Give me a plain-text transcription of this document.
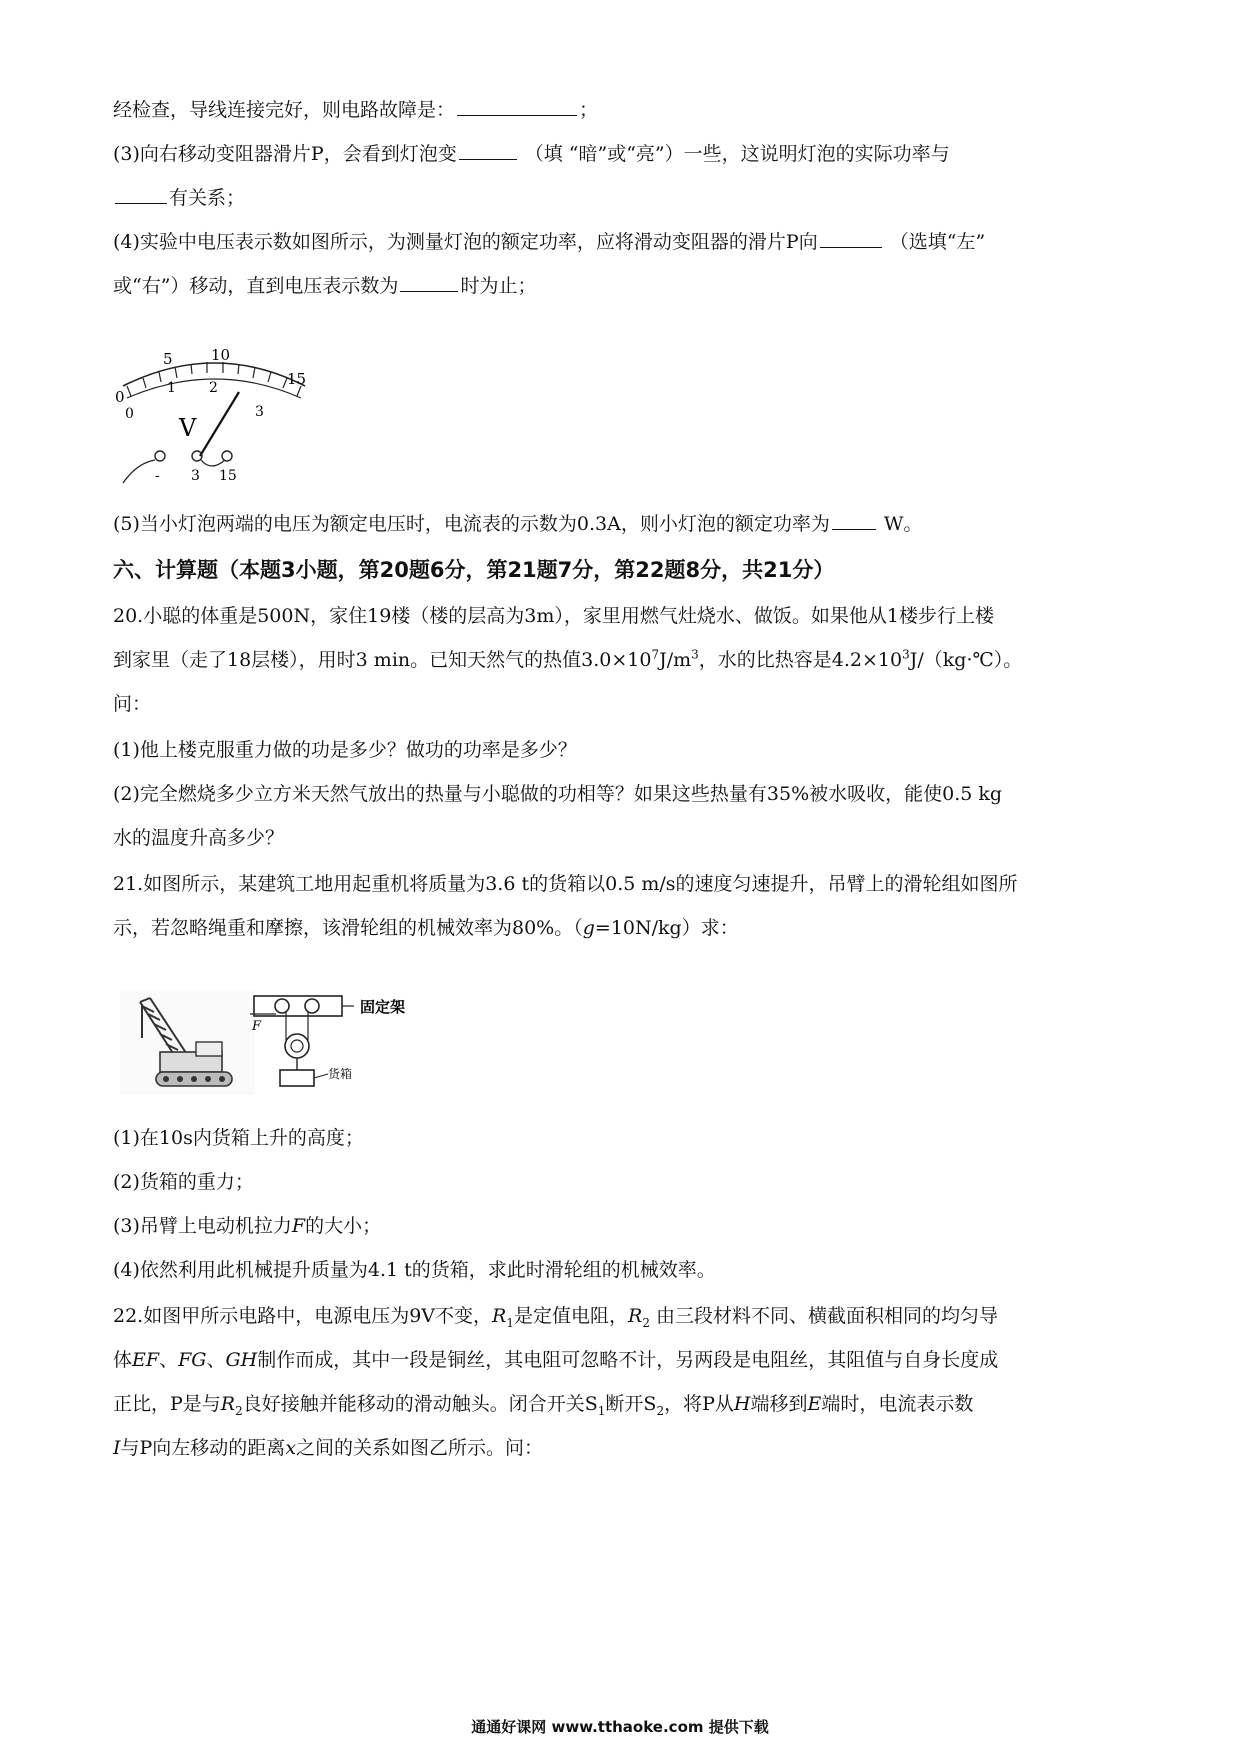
经检查，导线连接完好，则电路故障是：	；
(3)向右移动变阻器滑片P，会看到灯泡变	（填 “暗”或“亮”）一些，这说明灯泡的实际功率与
有关系；
(4)实验中电压表示数如图所示，为测量灯泡的额定功率，应将滑动变阻器的滑片P向	（选填“左”
或“右”）移动，直到电压表示数为	时为止；
0
5	10
15
0
1 2
3
V
- 3 15
(5)当小灯泡两端的电压为额定电压时，电流表的示数为0.3A，则小灯泡的额定功率为	W。
六、计算题（本题3小题，第20题6分，第21题7分，第22题8分，共21分）
20.小聪的体重是500N，家住19楼（楼的层高为3m），家里用燃气灶烧水、做饭。如果他从1楼步行上楼
到家里（走了18层楼），用时3 min。已知天然气的热值$3.0\times 10^7J/m^3$，水的比热容是$4.2\times 10^3J/(kg\cdot℃)$。
问：
(1)他上楼克服重力做的功是多少？做功的功率是多少？
(2)完全燃烧多少立方米天然气放出的热量与小聪做的功相等？如果这些热量有35%被水吸收，能使0.5 kg
水的温度升高多少？
21.如图所示，某建筑工地用起重机将质量为3.6 t的货箱以0.5 m/s的速度匀速提升，吊臂上的滑轮组如图所
示，若忽略绳重和摩擦，该滑轮组的机械效率为80%。（g=10N/kg）求：
F
固定架
货箱
(1)在10s内货箱上升的高度；
(2)货箱的重力；
(3)吊臂上电动机拉力F的大小；
(4)依然利用此机械提升质量为4.1 t的货箱，求此时滑轮组的机械效率。
22.如图甲所示电路中，电源电压为9V不变，$R_1$是定值电阻，$R_2$ 由三段材料不同、横截面积相同的均匀导
体EF、FG、GH制作而成，其中一段是铜丝，其电阻可忽略不计，另两段是电阻丝，其阻值与自身长度成
正比，P是与$R_2$良好接触并能移动的滑动触头。闭合开关$S_1$断开$S_2$，将P从H端移到E端时，电流表示数
I与P向左移动的距离x之间的关系如图乙所示。问：
通通好课网 www.tthaoke.com 提供下载
